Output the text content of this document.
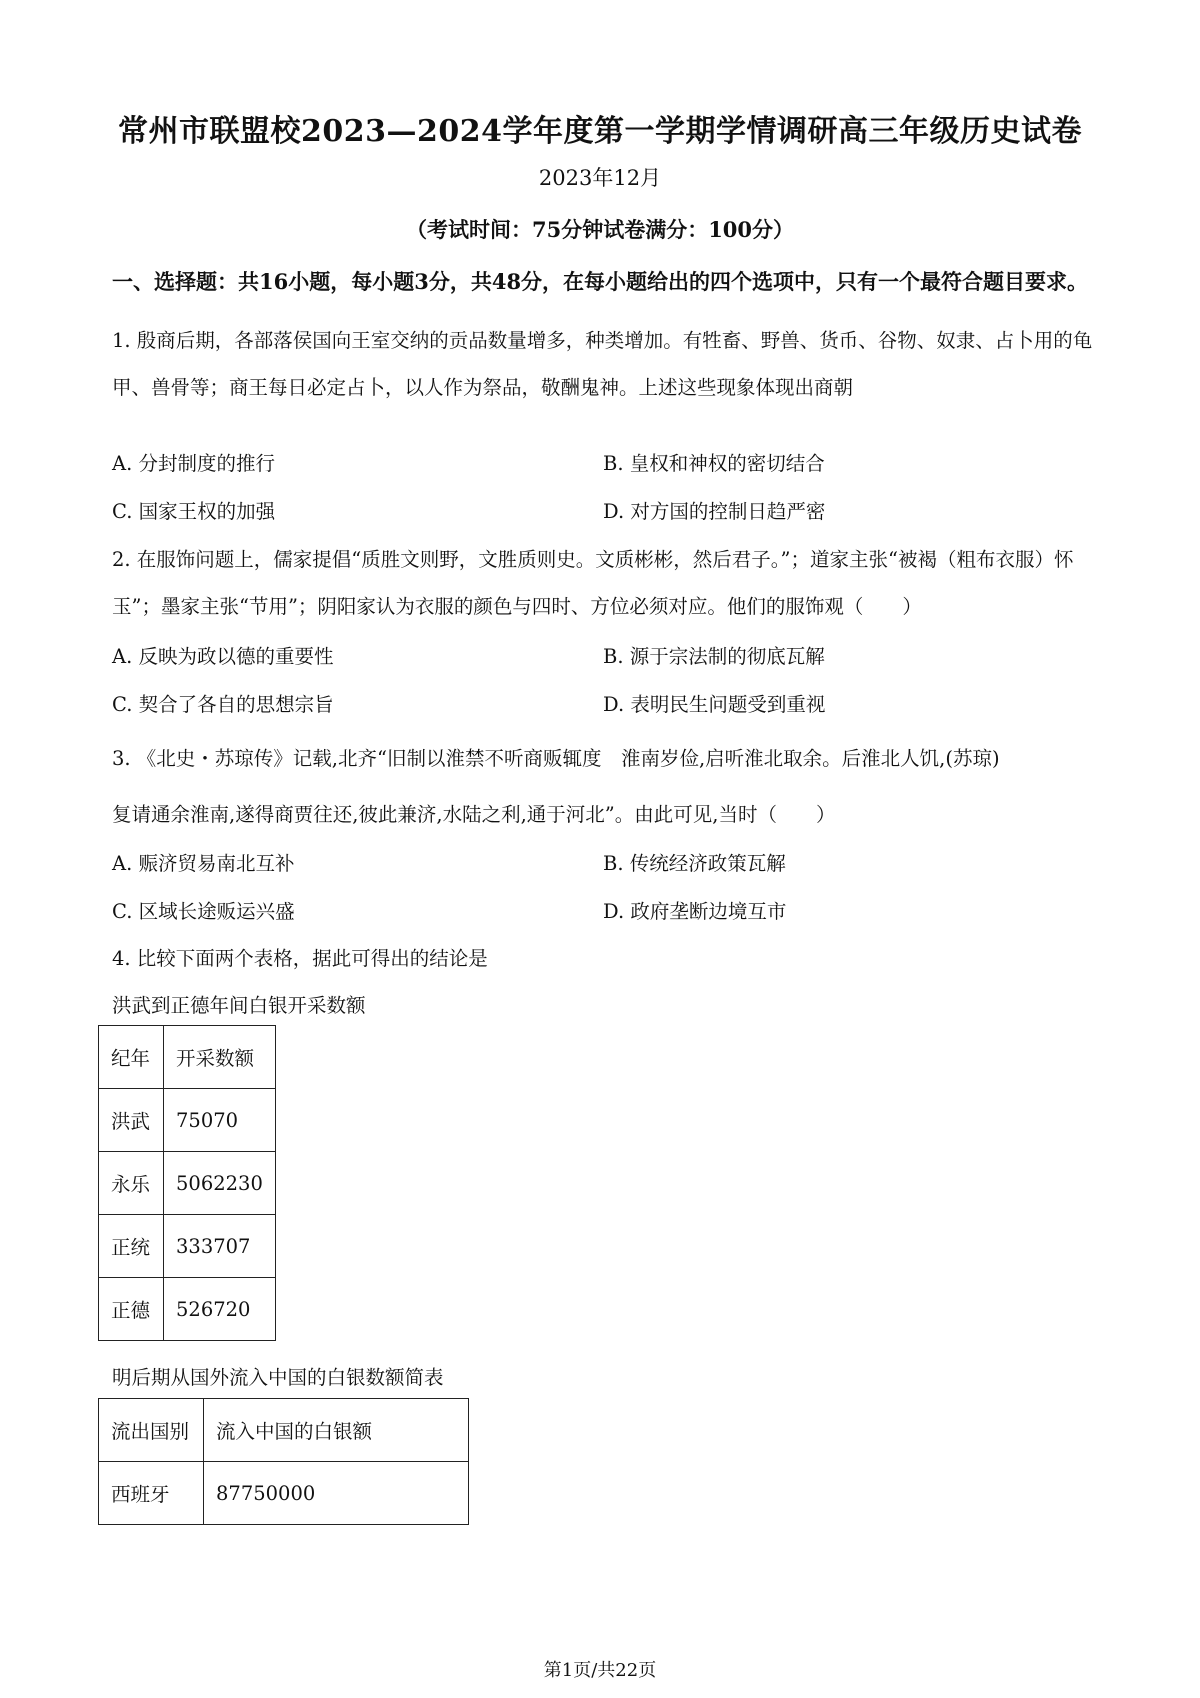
常州市联盟校2023—2024学年度第一学期学情调研高三年级历史试卷
2023年12月
（考试时间：75分钟试卷满分：100分）
一、选择题：共16小题，每小题3分，共48分，在每小题给出的四个选项中，只有一个最符合题目要求。
1. 殷商后期，各部落侯国向王室交纳的贡品数量增多，种类增加。有牲畜、野兽、货币、谷物、奴隶、占卜用的龟甲、兽骨等；商王每日必定占卜，以人作为祭品，敬酬鬼神。上述这些现象体现出商朝
A. 分封制度的推行	B. 皇权和神权的密切结合
C. 国家王权的加强	D. 对方国的控制日趋严密
2. 在服饰问题上，儒家提倡“质胜文则野，文胜质则史。文质彬彬，然后君子。”；道家主张“被褐（粗布衣服）怀玉”；墨家主张“节用”；阴阳家认为衣服的颜色与四时、方位必须对应。他们的服饰观（　　）
A. 反映为政以德的重要性	B. 源于宗法制的彻底瓦解
C. 契合了各自的思想宗旨	D. 表明民生问题受到重视
3. 《北史・苏琼传》记载,北齐“旧制以淮禁不听商贩辄度　淮南岁俭,启听淮北取余。后淮北人饥,(苏琼)
复请通余淮南,遂得商贾往还,彼此兼济,水陆之利,通于河北”。由此可见,当时（　　）
A. 赈济贸易南北互补	B. 传统经济政策瓦解
C. 区域长途贩运兴盛	D. 政府垄断边境互市
4. 比较下面两个表格，据此可得出的结论是
洪武到正德年间白银开采数额
纪年	开采数额
洪武	75070
永乐	5062230
正统	333707
正德	526720
明后期从国外流入中国的白银数额简表
流出国别	流入中国的白银额
西班牙	87750000
第1页/共22页
